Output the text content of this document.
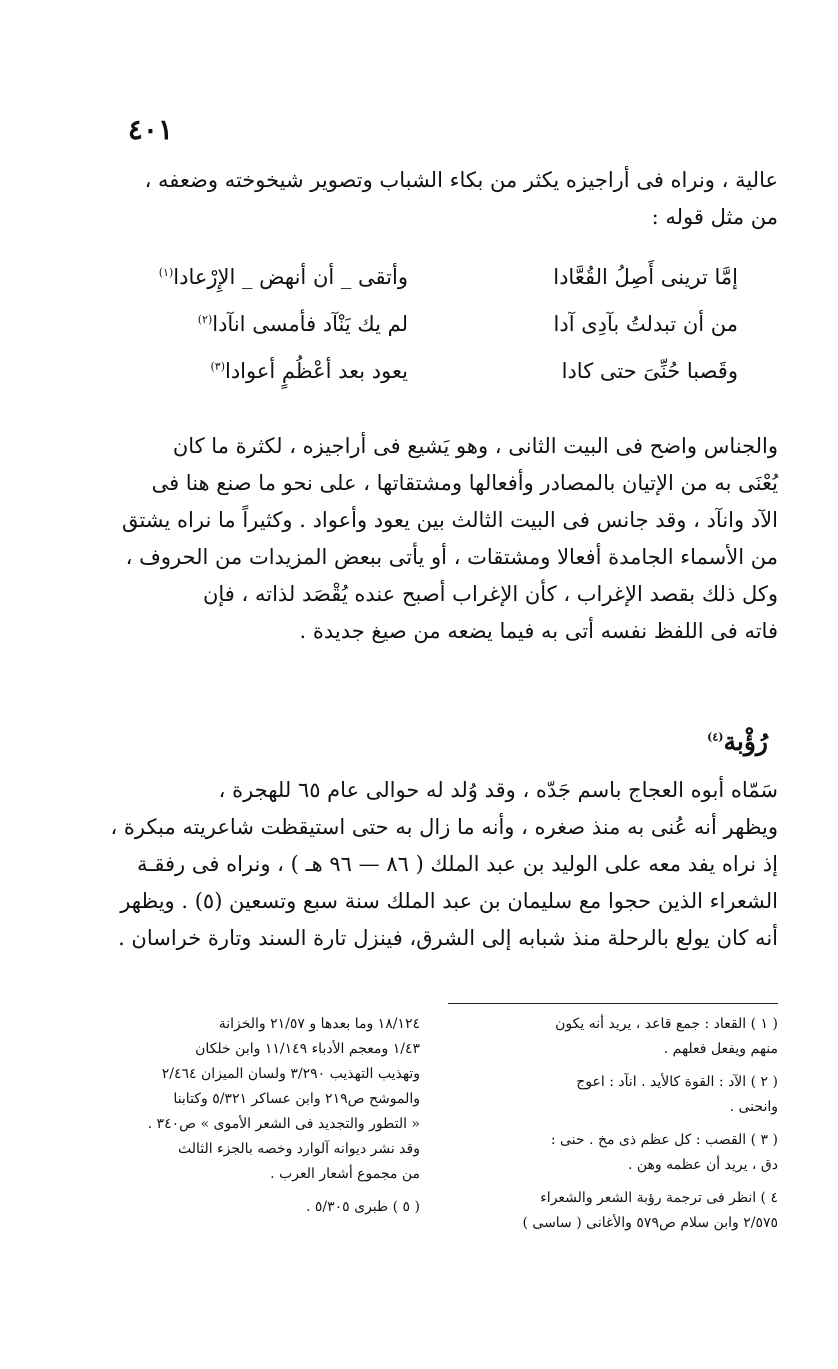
٤٠١

عالية ، ونراه فى أراجيزه يكثر من بكاء الشباب وتصوير شيخوخته وضعفه ،
من مثل قوله :

إمَّا ترينى أَصِلُ القُعَّادا
وأتقى _ أن أنهض _ الإِرْعادا$^{(١)}$
من أن تبدلتُ بآدِى آدا
لم يك يَنْآد فأمسى انآدا$^{(٢)}$
وقَصبا حُنِّىَ حتى كادا
يعود بعد أعْظُمٍ أعوادا$^{(٣)}$

والجناس واضح فى البيت الثانى ، وهو يَشيع فى أراجيزه ، لكثرة ما كان
يُعْنَى به من الإتيان بالمصادر وأفعالها ومشتقاتها ، على نحو ما صنع هنا فى
الآد وانآد ، وقد جانس فى البيت الثالث بين يعود وأعواد . وكثيراً ما نراه يشتق
من الأسماء الجامدة أفعالا ومشتقات ، أو يأتى ببعض المزيدات من الحروف ،
وكل ذلك بقصد الإغراب ، كأن الإغراب أصبح عنده يُقْصَد لذاته ، فإن
فاته فى اللفظ نفسه أتى به فيما يضعه من صيغ جديدة .

رُؤْبة$^{(٤)}$

سَمّاه أبوه العجاج باسم جَدّه ، وقد وُلد له حوالى عام ٦٥ للهجرة ،
ويظهر أنه عُنى به منذ صغره ، وأنه ما زال به حتى استيقظت شاعريته مبكرة ،
إذ نراه يفد معه على الوليد بن عبد الملك ( ٨٦ — ٩٦ هـ ) ، ونراه فى رفقـة
الشعراء الذين حجوا مع سليمان بن عبد الملك سنة سبع وتسعين (٥) . ويظهر
أنه كان يولع بالرحلة منذ شبابه إلى الشرق، فينزل تارة السند وتارة خراسان .

( ١ ) القعاد : جمع قاعد ، يريد أنه يكون
منهم ويفعل فعلهم .
( ٢ ) الآد : القوة كالأيد . انآد : اعوج
وانحنى .
( ٣ ) القصب : كل عظم ذى مخ . حنى :
دق ، يريد أن عظمه وهن .
٤ ) انظر فى ترجمة رؤبة الشعر والشعراء
٢/٥٧٥ وابن سلام ص٥٧٩ والأغانى ( ساسى )
١٨/١٢٤ وما بعدها و ٢١/٥٧ والخزانة
١/٤٣ ومعجم الأدباء ١١/١٤٩ وابن خلكان
وتهذيب التهذيب ٣/٢٩٠ ولسان الميزان ٢/٤٦٤
والموشح ص٢١٩ وابن عساكر ٥/٣٢١ وكتابنا
« التطور والتجديد فى الشعر الأموى » ص٣٤٠ .
وقد نشر ديوانه آلوارد وخصه بالجزء الثالث
من مجموع أشعار العرب .
( ٥ ) طبرى ٥/٣٠٥ .
